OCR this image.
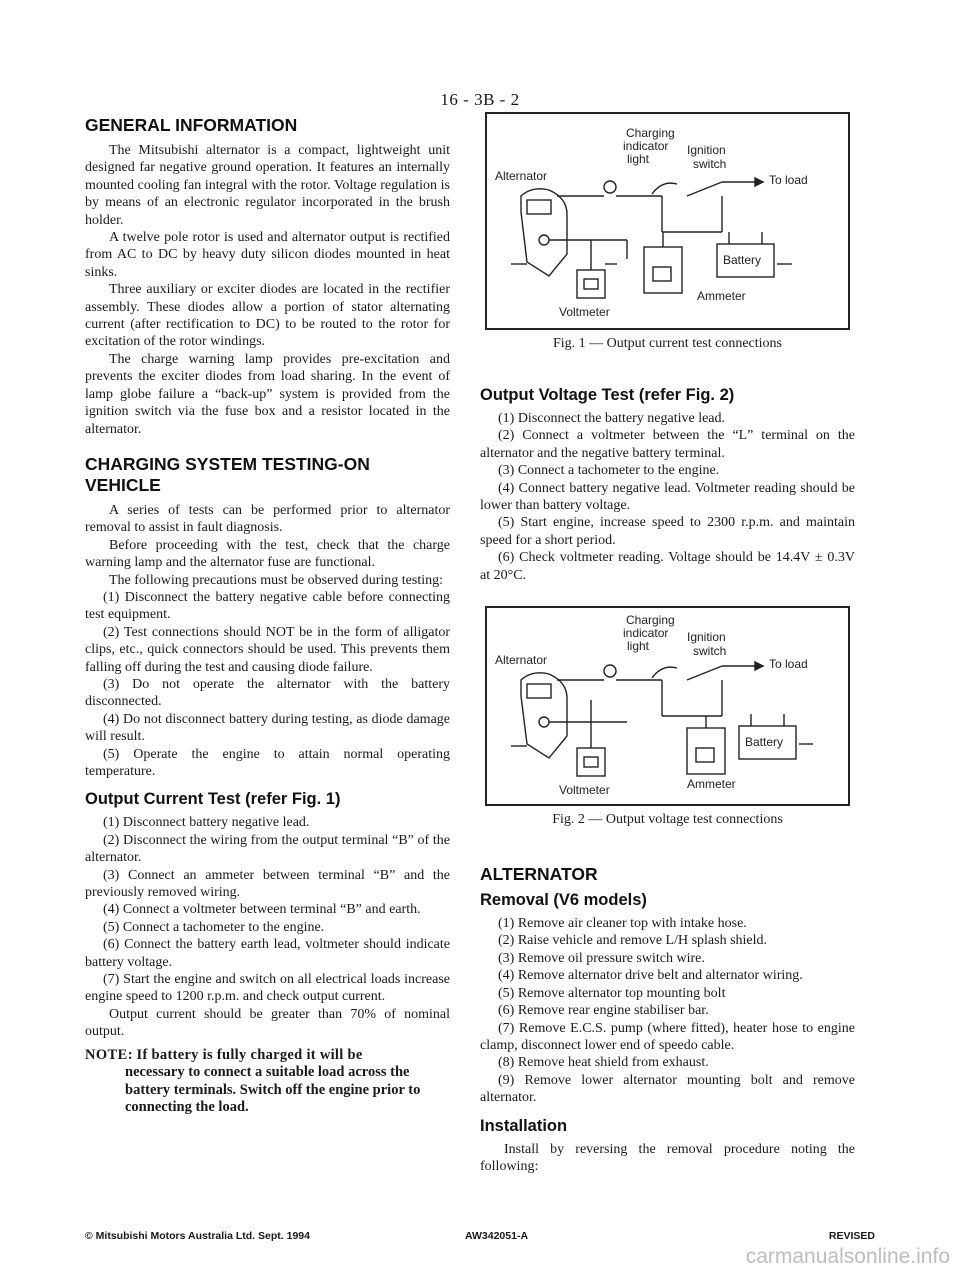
16 - 3B - 2
GENERAL INFORMATION

The Mitsubishi alternator is a compact, lightweight unit designed far negative ground operation. It features an internally mounted cooling fan integral with the rotor. Voltage regulation is by means of an electronic regulator incorporated in the brush holder.

A twelve pole rotor is used and alternator output is rectified from AC to DC by heavy duty silicon diodes mounted in heat sinks.

Three auxiliary or exciter diodes are located in the rectifier assembly. These diodes allow a portion of stator alternating current (after rectification to DC) to be routed to the rotor for excitation of the rotor windings.

The charge warning lamp provides pre-excitation and prevents the exciter diodes from load sharing. In the event of lamp globe failure a “back-up” system is provided from the ignition switch via the fuse box and a resistor located in the alternator.

CHARGING SYSTEM TESTING-ON VEHICLE

A series of tests can be performed prior to alternator removal to assist in fault diagnosis.

Before proceeding with the test, check that the charge warning lamp and the alternator fuse are functional.

The following precautions must be observed during testing:

(1) Disconnect the battery negative cable before connecting test equipment.

(2) Test connections should NOT be in the form of alligator clips, etc., quick connectors should be used. This prevents them falling off during the test and causing diode failure.

(3) Do not operate the alternator with the battery disconnected.

(4) Do not disconnect battery during testing, as diode damage will result.

(5) Operate the engine to attain normal operating temperature.

Output Current Test (refer Fig. 1)

(1) Disconnect battery negative lead.

(2) Disconnect the wiring from the output terminal “B” of the alternator.

(3) Connect an ammeter between terminal “B” and the previously removed wiring.

(4) Connect a voltmeter between terminal “B” and earth.

(5) Connect a tachometer to the engine.

(6) Connect the battery earth lead, voltmeter should indicate battery voltage.

(7) Start the engine and switch on all electrical loads increase engine speed to 1200 r.p.m. and check output current.

Output current should be greater than 70% of nominal output.

NOTE: If battery is fully charged it will be
necessary to connect a suitable load across the battery terminals. Switch off the engine prior to connecting the load.
Charging
indicator
light
Ignition
switch
Alternator	To load
Battery
Ammeter
Voltmeter
Fig. 1 — Output current test connections
Output Voltage Test (refer Fig. 2)

(1) Disconnect the battery negative lead.

(2) Connect a voltmeter between the “L” terminal on the alternator and the negative battery terminal.

(3) Connect a tachometer to the engine.

(4) Connect battery negative lead. Voltmeter reading should be lower than battery voltage.

(5) Start engine, increase speed to 2300 r.p.m. and maintain speed for a short period.

(6) Check voltmeter reading. Voltage should be 14.4V ± 0.3V at 20°C.

Charging
indicator
light
Ignition
switch
Alternator	To load
Battery
Ammeter
Voltmeter
Fig. 2 — Output voltage test connections
ALTERNATOR
Removal (V6 models)

(1) Remove air cleaner top with intake hose.

(2) Raise vehicle and remove L/H splash shield.

(3) Remove oil pressure switch wire.

(4) Remove alternator drive belt and alternator wiring.

(5) Remove alternator top mounting bolt

(6) Remove rear engine stabiliser bar.

(7) Remove E.C.S. pump (where fitted), heater hose to engine clamp, disconnect lower end of speedo cable.

(8) Remove heat shield from exhaust.

(9) Remove lower alternator mounting bolt and remove alternator.

Installation

Install by reversing the removal procedure noting the following:

© Mitsubishi Motors Australia Ltd. Sept. 1994	AW342051-A	REVISED
carmanualsonline.info
